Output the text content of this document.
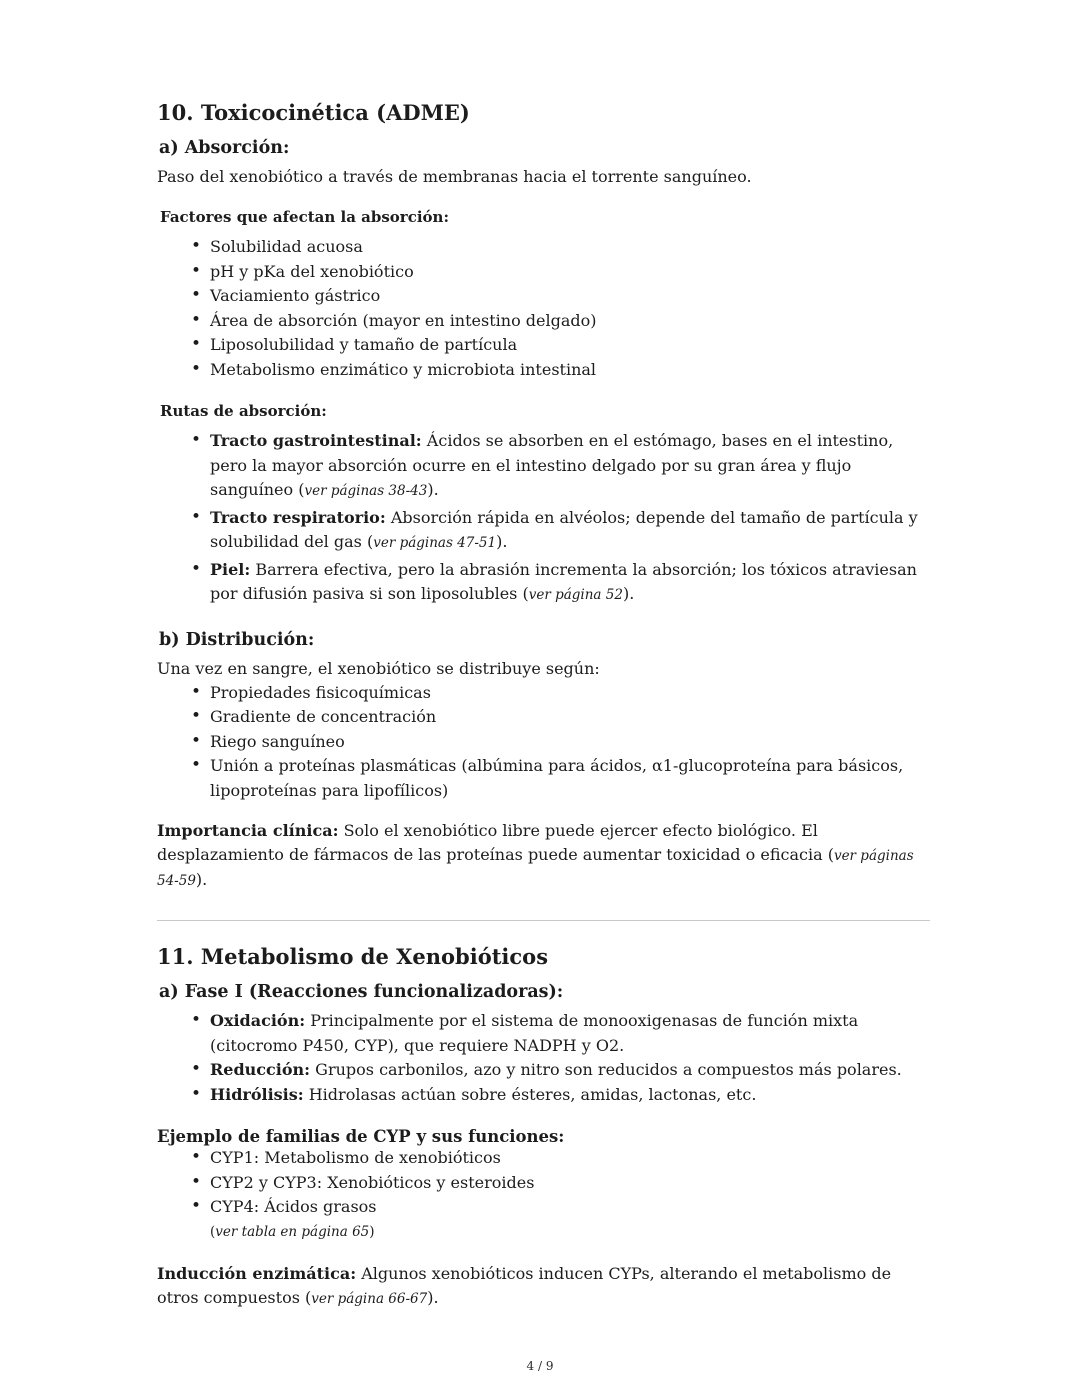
10. Toxicocinética (ADME)
a) Absorción:

Paso del xenobiótico a través de membranas hacia el torrente sanguíneo.

Factores que afectan la absorción:
• Solubilidad acuosa
• pH y pKa del xenobiótico
• Vaciamiento gástrico
• Área de absorción (mayor en intestino delgado)
• Liposolubilidad y tamaño de partícula
• Metabolismo enzimático y microbiota intestinal
Rutas de absorción:
• Tracto gastrointestinal: Ácidos se absorben en el estómago, bases en el intestino, pero la mayor absorción ocurre en el intestino delgado por su gran área y flujo sanguíneo (ver páginas 38-43).
• Tracto respiratorio: Absorción rápida en alvéolos; depende del tamaño de partícula y solubilidad del gas (ver páginas 47-51).
• Piel: Barrera efectiva, pero la abrasión incrementa la absorción; los tóxicos atraviesan por difusión pasiva si son liposolubles (ver página 52).
b) Distribución:

Una vez en sangre, el xenobiótico se distribuye según:

• Propiedades fisicoquímicas
• Gradiente de concentración
• Riego sanguíneo
• Unión a proteínas plasmáticas (albúmina para ácidos, α1-glucoproteína para básicos, lipoproteínas para lipofílicos)

Importancia clínica: Solo el xenobiótico libre puede ejercer efecto biológico. El desplazamiento de fármacos de las proteínas puede aumentar toxicidad o eficacia (ver páginas 54-59).

11. Metabolismo de Xenobióticos
a) Fase I (Reacciones funcionalizadoras):
• Oxidación: Principalmente por el sistema de monooxigenasas de función mixta (citocromo P450, CYP), que requiere NADPH y O2.
• Reducción: Grupos carbonilos, azo y nitro son reducidos a compuestos más polares.
• Hidrólisis: Hidrolasas actúan sobre ésteres, amidas, lactonas, etc.
Ejemplo de familias de CYP y sus funciones:
• CYP1: Metabolismo de xenobióticos
• CYP2 y CYP3: Xenobióticos y esteroides
• CYP4: Ácidos grasos
(ver tabla en página 65)

Inducción enzimática: Algunos xenobióticos inducen CYPs, alterando el metabolismo de otros compuestos (ver página 66-67).

4 / 9
